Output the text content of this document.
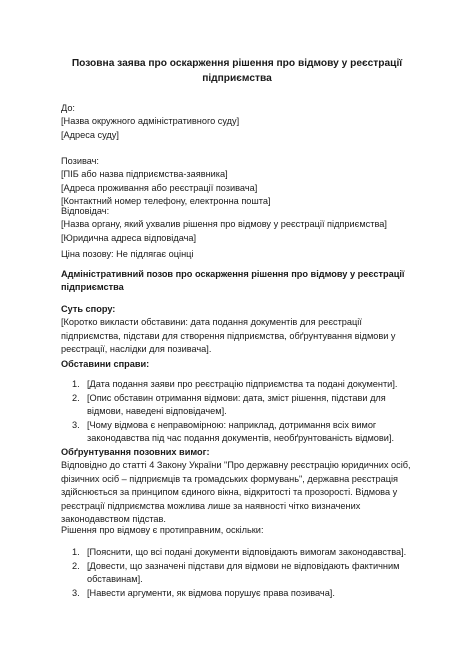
Позовна заява про оскарження рішення про відмову у реєстрації підприємства
До:
[Назва окружного адміністративного суду]
[Адреса суду]
Позивач:
[ПІБ або назва підприємства-заявника]
[Адреса проживання або реєстрації позивача]
[Контактний номер телефону, електронна пошта]
Відповідач:
[Назва органу, який ухвалив рішення про відмову у реєстрації підприємства]
[Юридична адреса відповідача]
Ціна позову: Не підлягає оцінці
Адміністративний позов про оскарження рішення про відмову у реєстрації підприємства
Суть спору:
[Коротко викласти обставини: дата подання документів для реєстрації підприємства, підстави для створення підприємства, обґрунтування відмови у реєстрації, наслідки для позивача].
Обставини справи:
1. [Дата подання заяви про реєстрацію підприємства та подані документи].
2. [Опис обставин отримання відмови: дата, зміст рішення, підстави для відмови, наведені відповідачем].
3. [Чому відмова є неправомірною: наприклад, дотримання всіх вимог законодавства під час подання документів, необґрунтованість відмови].
Обґрунтування позовних вимог:
Відповідно до статті 4 Закону України "Про державну реєстрацію юридичних осіб, фізичних осіб – підприємців та громадських формувань", державна реєстрація здійснюється за принципом єдиного вікна, відкритості та прозорості. Відмова у реєстрації підприємства можлива лише за наявності чітко визначених законодавством підстав.
Рішення про відмову є протиправним, оскільки:
1. [Пояснити, що всі подані документи відповідають вимогам законодавства].
2. [Довести, що зазначені підстави для відмови не відповідають фактичним обставинам].
3. [Навести аргументи, як відмова порушує права позивача].
